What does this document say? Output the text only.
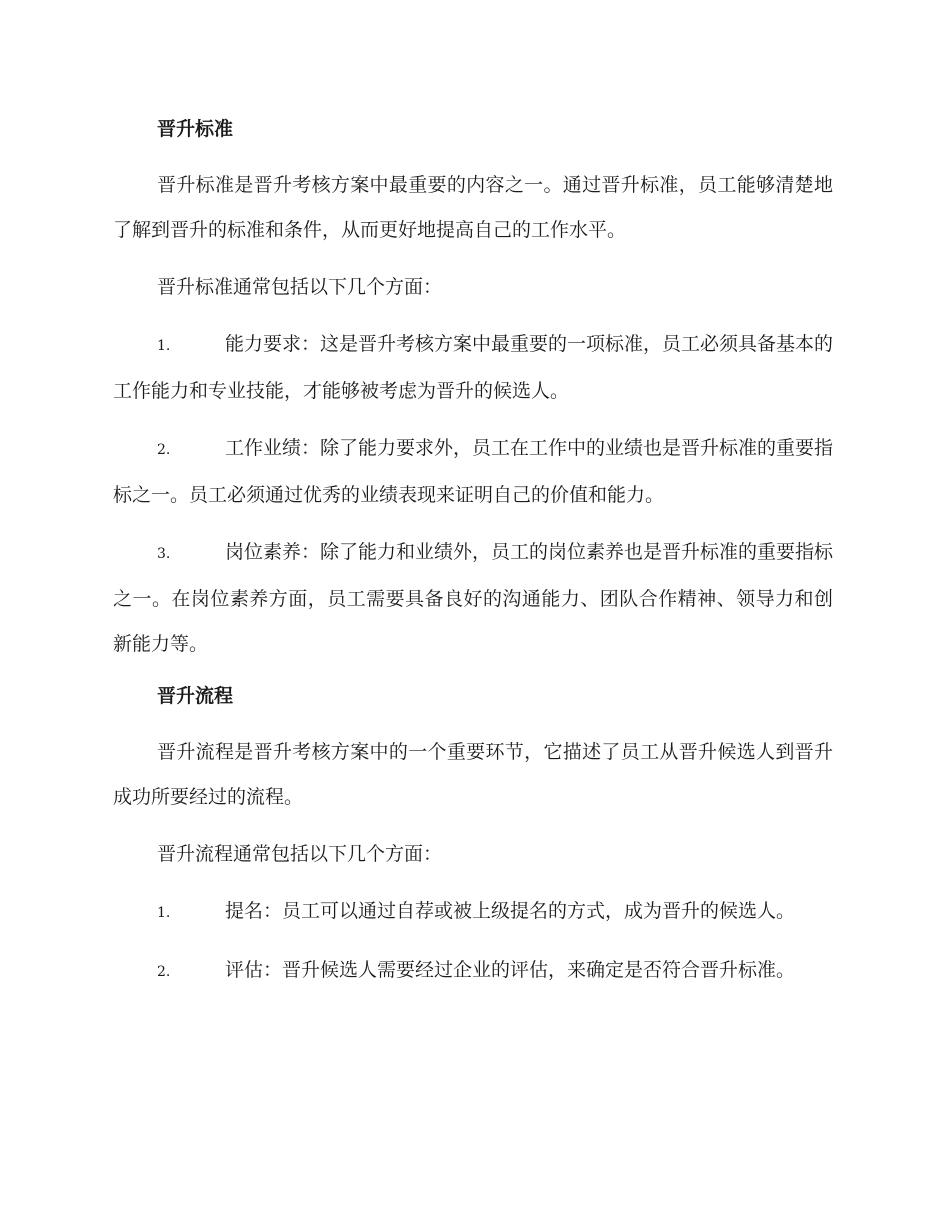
晋升标准

晋升标准是晋升考核方案中最重要的内容之一。通过晋升标准，员工能够清楚地了解到晋升的标准和条件，从而更好地提高自己的工作水平。

晋升标准通常包括以下几个方面：

1.	能力要求：这是晋升考核方案中最重要的一项标准，员工必须具备基本的工作能力和专业技能，才能够被考虑为晋升的候选人。
2.	工作业绩：除了能力要求外，员工在工作中的业绩也是晋升标准的重要指标之一。员工必须通过优秀的业绩表现来证明自己的价值和能力。
3.	岗位素养：除了能力和业绩外，员工的岗位素养也是晋升标准的重要指标之一。在岗位素养方面，员工需要具备良好的沟通能力、团队合作精神、领导力和创新能力等。
晋升流程

晋升流程是晋升考核方案中的一个重要环节，它描述了员工从晋升候选人到晋升成功所要经过的流程。

晋升流程通常包括以下几个方面：

1.	提名：员工可以通过自荐或被上级提名的方式，成为晋升的候选人。
2.	评估：晋升候选人需要经过企业的评估，来确定是否符合晋升标准。
